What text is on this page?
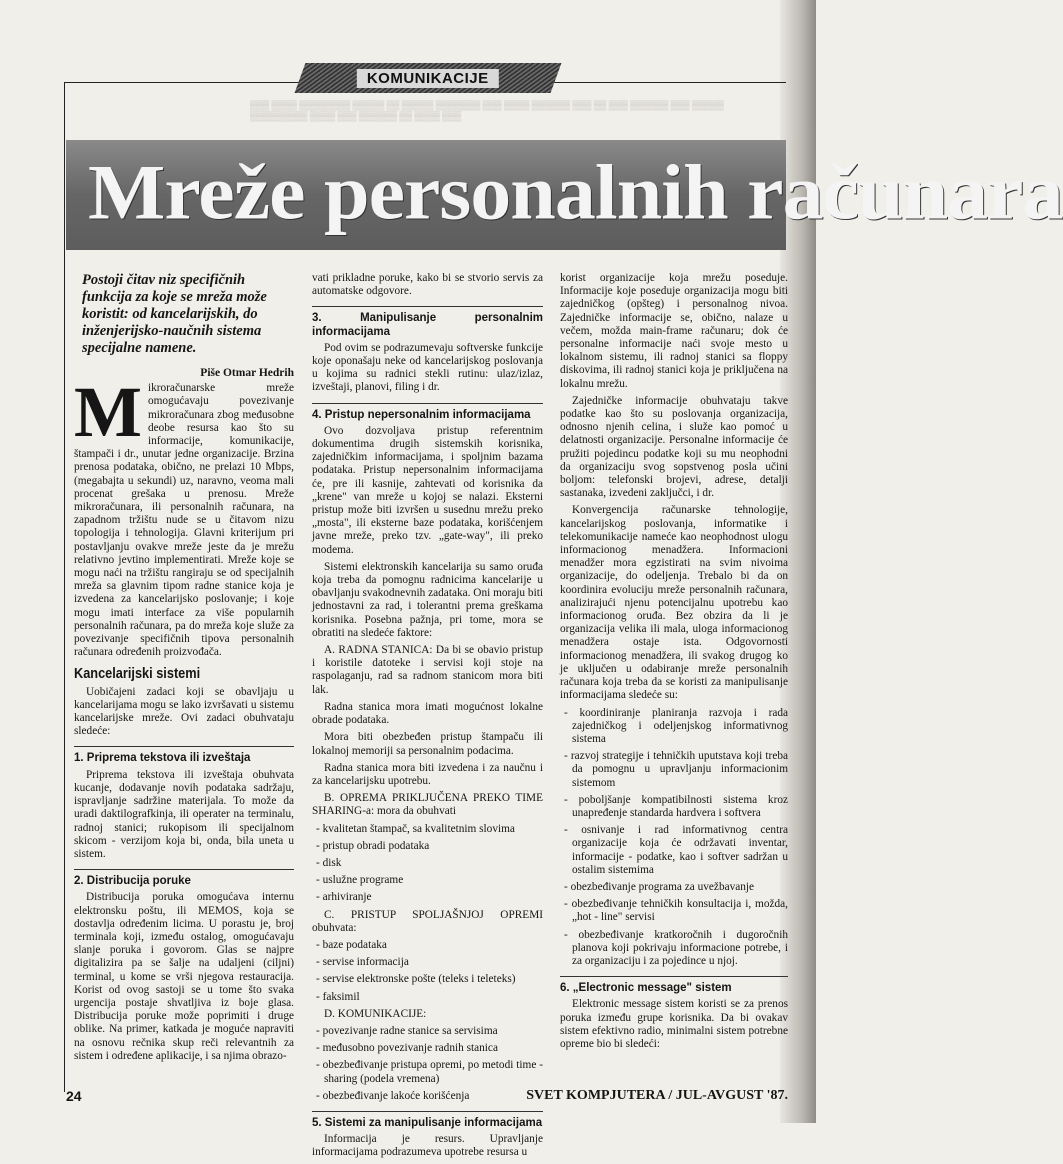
▒▒▒ ▒▒▒▒ ▒▒▒▒▒▒▒▒ ▒▒▒▒▒ ▒▒ ▒▒▒▒▒ ▒▒▒▒▒▒▒ ▒▒▒ ▒▒▒▒ ▒▒▒▒▒▒ ▒▒▒ ▒▒ ▒▒▒ ▒▒▒▒▒▒ ▒▒▒ ▒▒▒▒▒ ▒▒▒▒▒▒▒▒▒ ▒▒▒▒ ▒▒▒ ▒▒▒▒▒▒ ▒▒ ▒▒▒▒ ▒▒▒
KOMUNIKACIJE
Mreže personalnih računara
Postoji čitav niz specifičnih funkcija za koje se mreža može koristit: od kancelarijskih, do inženjerijsko-naučnih sistema specijalne namene.
Piše Otmar Hedrih
M ikroračunarske mreže omogućavaju povezivanje mikroračunara zbog međusobne deobe resursa kao što su informacije, komunikacije, štampači i dr., unutar jedne organizacije. Brzina prenosa podataka, obično, ne prelazi 10 Mbps, (megabajta u sekundi) uz, naravno, veoma mali procenat grešaka u prenosu. Mreže mikroračunara, ili personalnih računara, na zapadnom tržištu nude se u čitavom nizu topologija i tehnologija. Glavni kriterijum pri postavljanju ovakve mreže jeste da je mrežu relativno jevtino implementirati. Mreže koje se mogu naći na tržištu rangiraju se od specijalnih mreža sa glavnim tipom radne stanice koja je izvedena za kancelarijsko poslovanje; i koje mogu imati interface za više popularnih personalnih računara, pa do mreža koje služe za povezivanje specifičnih tipova personalnih računara određenih proizvođača.

Kancelarijski sistemi

Uobičajeni zadaci koji se obavljaju u kancelarijama mogu se lako izvršavati u sistemu kancelarijske mreže. Ovi zadaci obuhvataju sledeće:

1. Priprema tekstova ili izveštaja

Priprema tekstova ili izveštaja obuhvata kucanje, dodavanje novih podataka sadržaju, ispravljanje sadržine materijala. To može da uradi daktilografkinja, ili operater na terminalu, radnoj stanici; rukopisom ili specijalnom skicom - verzijom koja bi, onda, bila uneta u sistem.

2. Distribucija poruke

Distribucija poruka omogućava internu elektronsku poštu, ili MEMOS, koja se dostavlja određenim licima. U porastu je, broj terminala koji, između ostalog, omogućavaju slanje poruka i govorom. Glas se najpre digitalizira pa se šalje na udaljeni (ciljni) terminal, u kome se vrši njegova restauracija. Korist od ovog sastoji se u tome što svaka urgencija postaje shvatljiva iz boje glasa. Distribucija poruke može poprimiti i druge oblike. Na primer, katkada je moguće napraviti na osnovu rečnika skup reči relevantnih za sistem i određene aplikacije, i sa njima obrazo-

vati prikladne poruke, kako bi se stvorio servis za automatske odgovore.

3. Manipulisanje personalnim informacijama

Pod ovim se podrazumevaju softverske funkcije koje oponašaju neke od kancelarijskog poslovanja u kojima su radnici stekli rutinu: ulaz/izlaz, izveštaji, planovi, filing i dr.

4. Pristup nepersonalnim informacijama

Ovo dozvoljava pristup referentnim dokumentima drugih sistemskih korisnika, zajedničkim informacijama, i spoljnim bazama podataka. Pristup nepersonalnim informacijama će, pre ili kasnije, zahtevati od korisnika da „krene" van mreže u kojoj se nalazi. Eksterni pristup može biti izvršen u susednu mrežu preko „mosta", ili eksterne baze podataka, korišćenjem javne mreže, preko tzv. „gate-way", ili preko modema.

Sistemi elektronskih kancelarija su samo oruđa koja treba da pomognu radnicima kancelarije u obavljanju svakodnevnih zadataka. Oni moraju biti jednostavni za rad, i tolerantni prema greškama korisnika. Posebna pažnja, pri tome, mora se obratiti na sledeće faktore:

A. RADNA STANICA: Da bi se obavio pristup i koristile datoteke i servisi koji stoje na raspolaganju, rad sa radnom stanicom mora biti lak.

Radna stanica mora imati mogućnost lokalne obrade podataka.

Mora biti obezbeđen pristup štampaču ili lokalnoj memoriji sa personalnim podacima.

Radna stanica mora biti izvedena i za naučnu i za kancelarijsku upotrebu.

B. OPREMA PRIKLJUČENA PREKO TIME SHARING-a: mora da obuhvati

- kvalitetan štampač, sa kvalitetnim slovima
- pristup obradi podataka
- disk
- uslužne programe
- arhiviranje

C. PRISTUP SPOLJAŠNJOJ OPREMI obuhvata:

- baze podataka
- servise informacija
- servise elektronske pošte (teleks i teleteks)
- faksimil

D. KOMUNIKACIJE:

- povezivanje radne stanice sa servisima
- međusobno povezivanje radnih stanica
- obezbeđivanje pristupa opremi, po metodi time - sharing (podela vremena)
- obezbeđivanje lakoće korišćenja
5. Sistemi za manipulisanje informacijama

Informacija je resurs. Upravljanje informacijama podrazumeva upotrebe resursa u

korist organizacije koja mrežu poseduje. Informacije koje poseduje organizacija mogu biti zajedničkog (opšteg) i personalnog nivoa. Zajedničke informacije se, obično, nalaze u večem, možda main-frame računaru; dok će personalne informacije naći svoje mesto u lokalnom sistemu, ili radnoj stanici sa floppy diskovima, ili radnoj stanici koja je priključena na lokalnu mrežu.

Zajedničke informacije obuhvataju takve podatke kao što su poslovanja organizacija, odnosno njenih celina, i služe kao pomoć u delatnosti organizacije. Personalne informacije će pružiti pojedincu podatke koji su mu neophodni da organizaciju svog sopstvenog posla učini boljom: telefonski brojevi, adrese, detalji sastanaka, izvedeni zaključci, i dr.

Konvergencija računarske tehnologije, kancelarijskog poslovanja, informatike i telekomunikacije nameće kao neophodnost ulogu informacionog menadžera. Informacioni menadžer mora egzistirati na svim nivoima organizacije, do odeljenja. Trebalo bi da on koordinira evoluciju mreže personalnih računara, analizirajući njenu potencijalnu upotrebu kao informacionog oruđa. Bez obzira da li je organizacija velika ili mala, uloga informacionog menadžera ostaje ista. Odgovornosti informacionog menadžera, ili svakog drugog ko je uključen u odabiranje mreže personalnih računara koja treba da se koristi za manipulisanje informacijama sledeće su:

- koordiniranje planiranja razvoja i rada zajedničkog i odeljenjskog informativnog sistema
- razvoj strategije i tehničkih uputstava koji treba da pomognu u upravljanju informacionim sistemom
- poboljšanje kompatibilnosti sistema kroz unapređenje standarda hardvera i softvera
- osnivanje i rad informativnog centra organizacije koja će održavati inventar, informacije - podatke, kao i softver sadržan u ostalim sistemima
- obezbeđivanje programa za uvežbavanje
- obezbeđivanje tehničkih konsultacija i, možda, „hot - line" servisi
- obezbeđivanje kratkoročnih i dugoročnih planova koji pokrivaju informacione potrebe, i za organizaciju i za pojedince u njoj.
6. „Electronic message" sistem

Elektronic message sistem koristi se za prenos poruka između grupe korisnika. Da bi ovakav sistem efektivno radio, minimalni sistem potrebne opreme bio bi sledeći:

24	SVET KOMPJUTERA / JUL-AVGUST '87.
